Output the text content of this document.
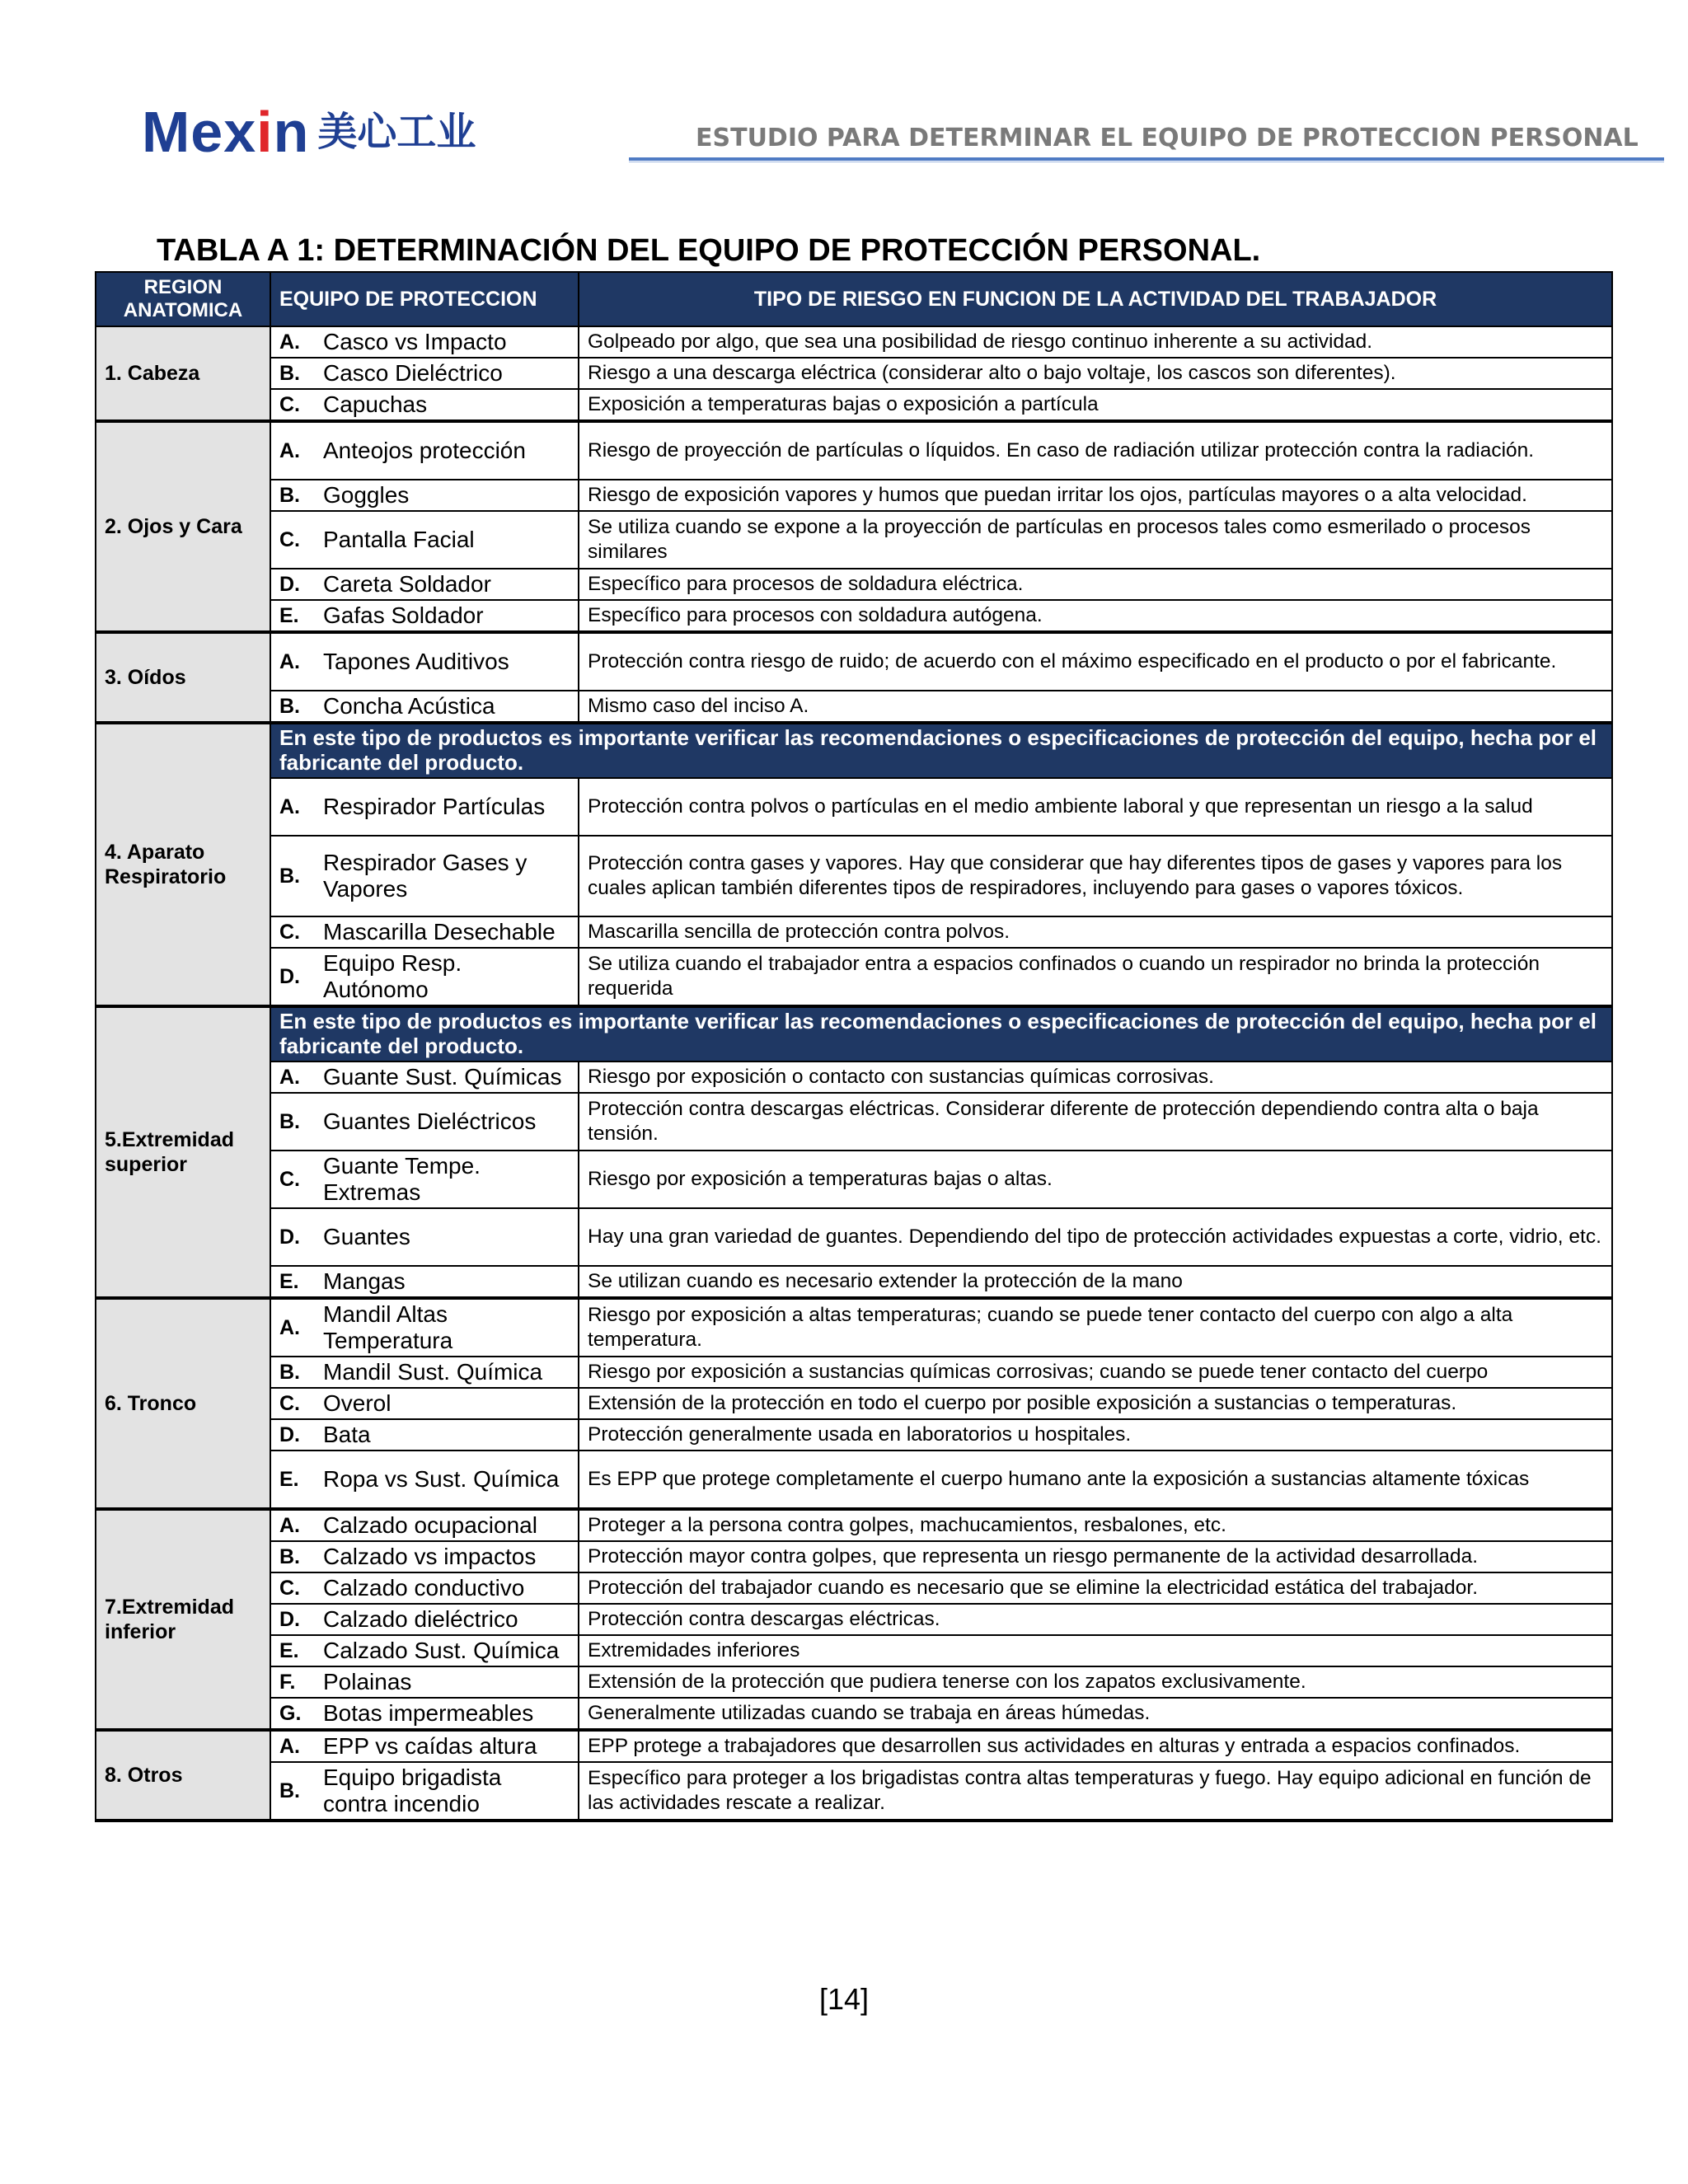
Mexin 美心工业	ESTUDIO PARA DETERMINAR EL EQUIPO DE PROTECCION PERSONAL
TABLA A 1: DETERMINACIÓN DEL EQUIPO DE PROTECCIÓN PERSONAL.
REGION ANATOMICA	EQUIPO DE PROTECCION		TIPO DE RIESGO EN FUNCION DE LA ACTIVIDAD DEL TRABAJADOR
1. Cabeza	A.	Casco vs Impacto	Golpeado por algo, que sea una posibilidad de riesgo continuo inherente a su actividad.
	B.	Casco Dieléctrico	Riesgo a una descarga eléctrica (considerar alto o bajo voltaje, los cascos son diferentes).
	C.	Capuchas	Exposición a temperaturas bajas o exposición a partícula
2. Ojos y Cara	A.	Anteojos protección	Riesgo de proyección de partículas o líquidos. En caso de radiación utilizar protección contra la radiación.
	B.	Goggles	Riesgo de exposición vapores y humos que puedan irritar los ojos, partículas mayores o a alta velocidad.
	C.	Pantalla Facial	Se utiliza cuando se expone a la proyección de partículas en procesos tales como esmerilado o procesos similares
	D.	Careta Soldador	Específico para procesos de soldadura eléctrica.
	E.	Gafas Soldador	Específico para procesos con soldadura autógena.
3. Oídos	A.	Tapones Auditivos	Protección contra riesgo de ruido; de acuerdo con el máximo especificado en el producto o por el fabricante.
	B.	Concha Acústica	Mismo caso del inciso A.
4. Aparato Respiratorio	En este tipo de productos es importante verificar las recomendaciones o especificaciones de protección del equipo, hecha por el fabricante del producto.		
	A.	Respirador Partículas	Protección contra polvos o partículas en el medio ambiente laboral y que representan un riesgo a la salud
	B.	Respirador Gases y Vapores	Protección contra gases y vapores. Hay que considerar que hay diferentes tipos de gases y vapores para los cuales aplican también diferentes tipos de respiradores, incluyendo para gases o vapores tóxicos.
	C.	Mascarilla Desechable	Mascarilla sencilla de protección contra polvos.
	D.	Equipo Resp. Autónomo	Se utiliza cuando el trabajador entra a espacios confinados o cuando un respirador no brinda la protección requerida
5.Extremidad superior	En este tipo de productos es importante verificar las recomendaciones o especificaciones de protección del equipo, hecha por el fabricante del producto.		
	A.	Guante Sust. Químicas	Riesgo por exposición o contacto con sustancias químicas corrosivas.
	B.	Guantes Dieléctricos	Protección contra descargas eléctricas. Considerar diferente de protección dependiendo contra alta o baja tensión.
	C.	Guante Tempe. Extremas	Riesgo por exposición a temperaturas bajas o altas.
	D.	Guantes	Hay una gran variedad de guantes. Dependiendo del tipo de protección actividades expuestas a corte, vidrio, etc.
	E.	Mangas	Se utilizan cuando es necesario extender la protección de la mano
6. Tronco	A.	Mandil Altas Temperatura	Riesgo por exposición a altas temperaturas; cuando se puede tener contacto del cuerpo con algo a alta temperatura.
	B.	Mandil Sust. Química	Riesgo por exposición a sustancias químicas corrosivas; cuando se puede tener contacto del cuerpo
	C.	Overol	Extensión de la protección en todo el cuerpo por posible exposición a sustancias o temperaturas.
	D.	Bata	Protección generalmente usada en laboratorios u hospitales.
	E.	Ropa vs Sust. Química	Es EPP que protege completamente el cuerpo humano ante la exposición a sustancias altamente tóxicas
7.Extremidad inferior	A.	Calzado ocupacional	Proteger a la persona contra golpes, machucamientos, resbalones, etc.
	B.	Calzado vs impactos	Protección mayor contra golpes, que representa un riesgo permanente de la actividad desarrollada.
	C.	Calzado conductivo	Protección del trabajador cuando es necesario que se elimine la electricidad estática del trabajador.
	D.	Calzado dieléctrico	Protección contra descargas eléctricas.
	E.	Calzado Sust. Química	Extremidades inferiores
	F.	Polainas	Extensión de la protección que pudiera tenerse con los zapatos exclusivamente.
	G.	Botas impermeables	Generalmente utilizadas cuando se trabaja en áreas húmedas.
8. Otros	A.	EPP vs caídas altura	EPP protege a trabajadores que desarrollen sus actividades en alturas y entrada a espacios confinados.
	B.	Equipo brigadista contra incendio	Específico para proteger a los brigadistas contra altas temperaturas y fuego. Hay equipo adicional en función de las actividades rescate a realizar.
[14]
